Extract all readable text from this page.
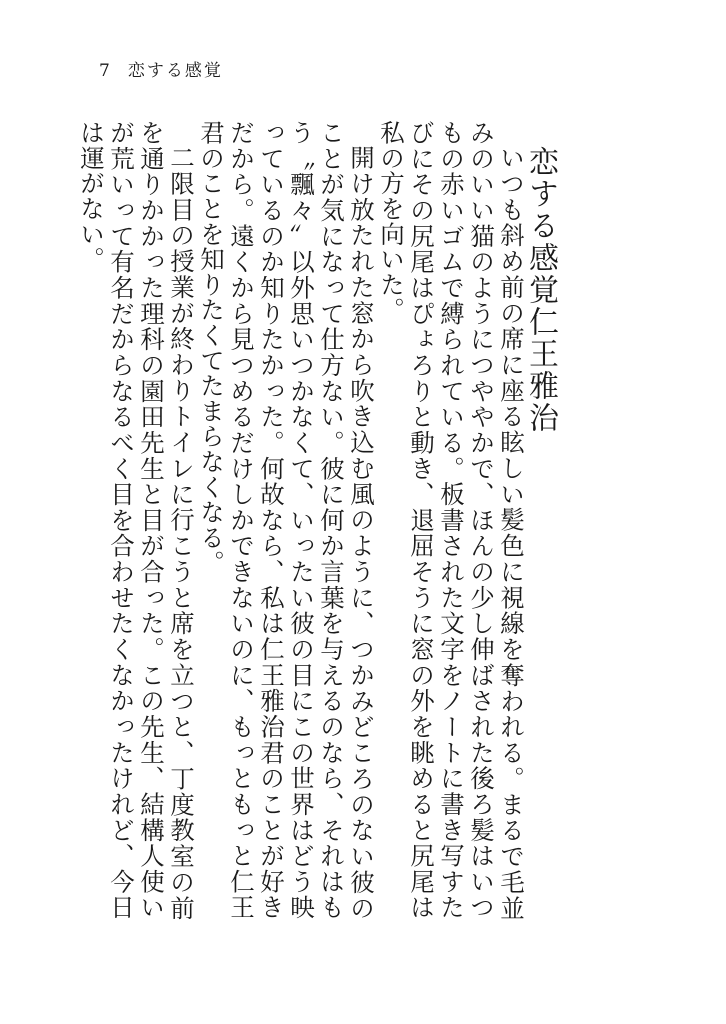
7 恋する感覚
恋する感覚仁王雅治

いつも斜め前の席に座る眩しい髪色に視線を奪われる。まるで毛並みのいい猫のようにつややかで、ほんの少し伸ばされた後ろ髪はいつもの赤いゴムで縛られている。板書された文字をノートに書き写すたびにその尻尾はぴょろりと動き、退屈そうに窓の外を眺めると尻尾は私の方を向いた。

開け放たれた窓から吹き込む風のように、つかみどころのない彼のことが気になって仕方ない。彼に何か言葉を与えるのなら、それはもう〝飄々〟以外思いつかなくて、いったい彼の目にこの世界はどう映っているのか知りたかった。何故なら、私は仁王雅治君のことが好きだから。遠くから見つめるだけしかできないのに、もっともっと仁王君のことを知りたくてたまらなくなる。

二限目の授業が終わりトイレに行こうと席を立つと、丁度教室の前を通りかかった理科の園田先生と目が合った。この先生、結構人使いが荒いって有名だからなるべく目を合わせたくなかったけれど、今日は運がない。
